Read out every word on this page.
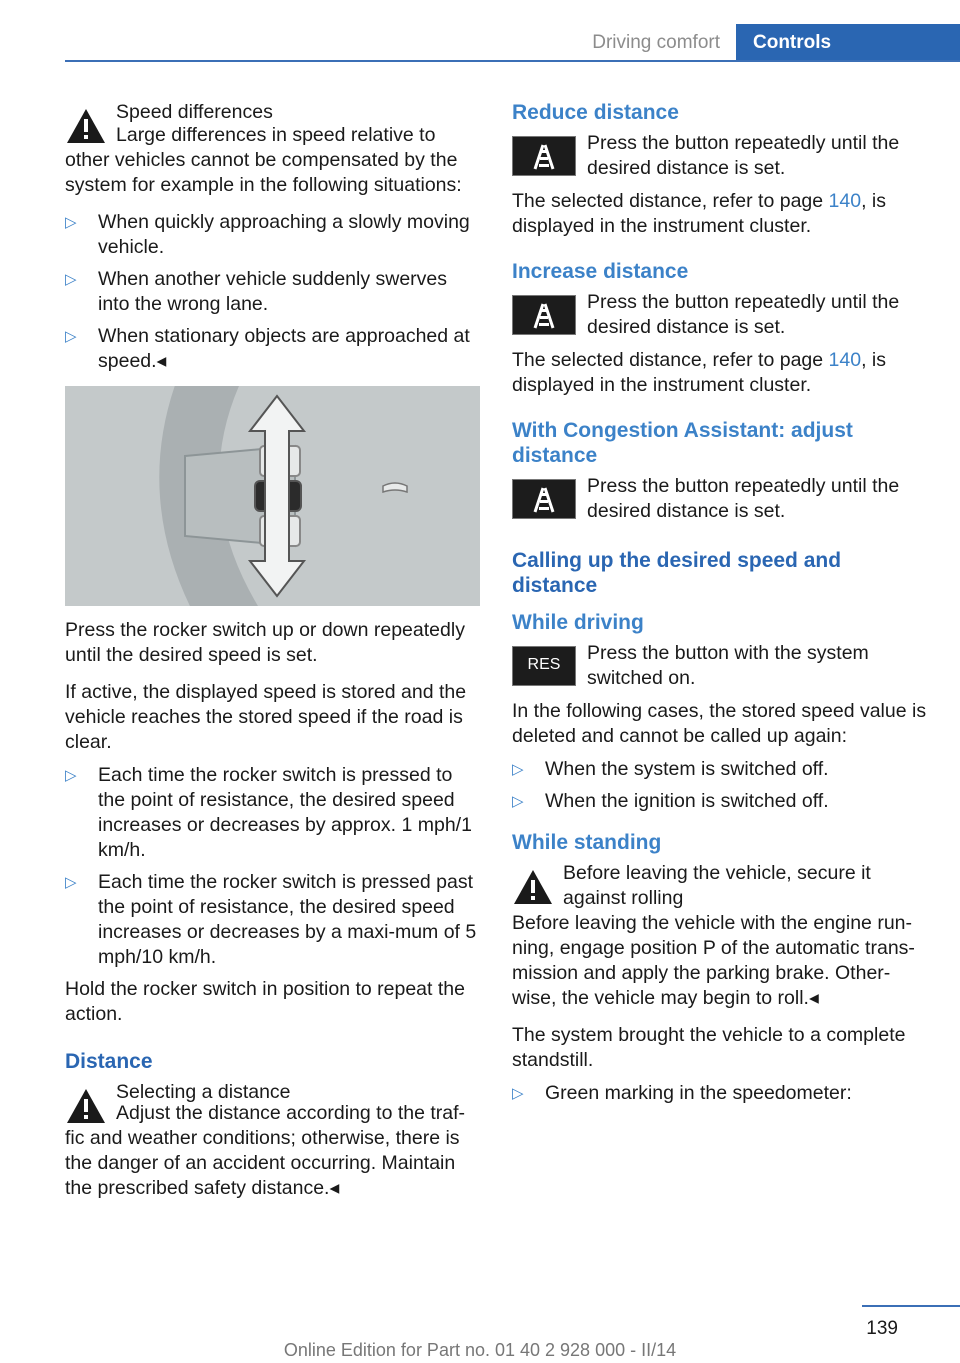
Driving comfort Controls

Speed differences

Large differences in speed relative to other vehicles cannot be compensated by the system for example in the following situations:

▷ When quickly approaching a slowly moving vehicle.
▷ When another vehicle suddenly swerves into the wrong lane.
▷ When stationary objects are approached at speed.◂

Press the rocker switch up or down repeatedly until the desired speed is set.

If active, the displayed speed is stored and the vehicle reaches the stored speed if the road is clear.

▷ Each time the rocker switch is pressed to the point of resistance, the desired speed increases or decreases by approx. 1 mph/1 km/h.
▷ Each time the rocker switch is pressed past the point of resistance, the desired speed increases or decreases by a maxi‐mum of 5 mph/10 km/h.

Hold the rocker switch in position to repeat the action.

Distance

Selecting a distance

Adjust the distance according to the traf‐fic and weather conditions; otherwise, there is the danger of an accident occurring. Maintain the prescribed safety distance.◂

Reduce distance

Press the button repeatedly until the desired distance is set.

The selected distance, refer to page 140, is displayed in the instrument cluster.

Increase distance

Press the button repeatedly until the desired distance is set.

The selected distance, refer to page 140, is displayed in the instrument cluster.

With Congestion Assistant: adjust distance

Press the button repeatedly until the desired distance is set.

Calling up the desired speed and distance

While driving

RES

Press the button with the system switched on.

In the following cases, the stored speed value is deleted and cannot be called up again:

▷ When the system is switched off.
▷ When the ignition is switched off.

While standing

Before leaving the vehicle, secure it against rolling

Before leaving the vehicle with the engine run‐ning, engage position P of the automatic trans‐mission and apply the parking brake. Other‐wise, the vehicle may begin to roll.◂

The system brought the vehicle to a complete standstill.

▷ Green marking in the speedometer:
139
Online Edition for Part no. 01 40 2 928 000 - II/14
